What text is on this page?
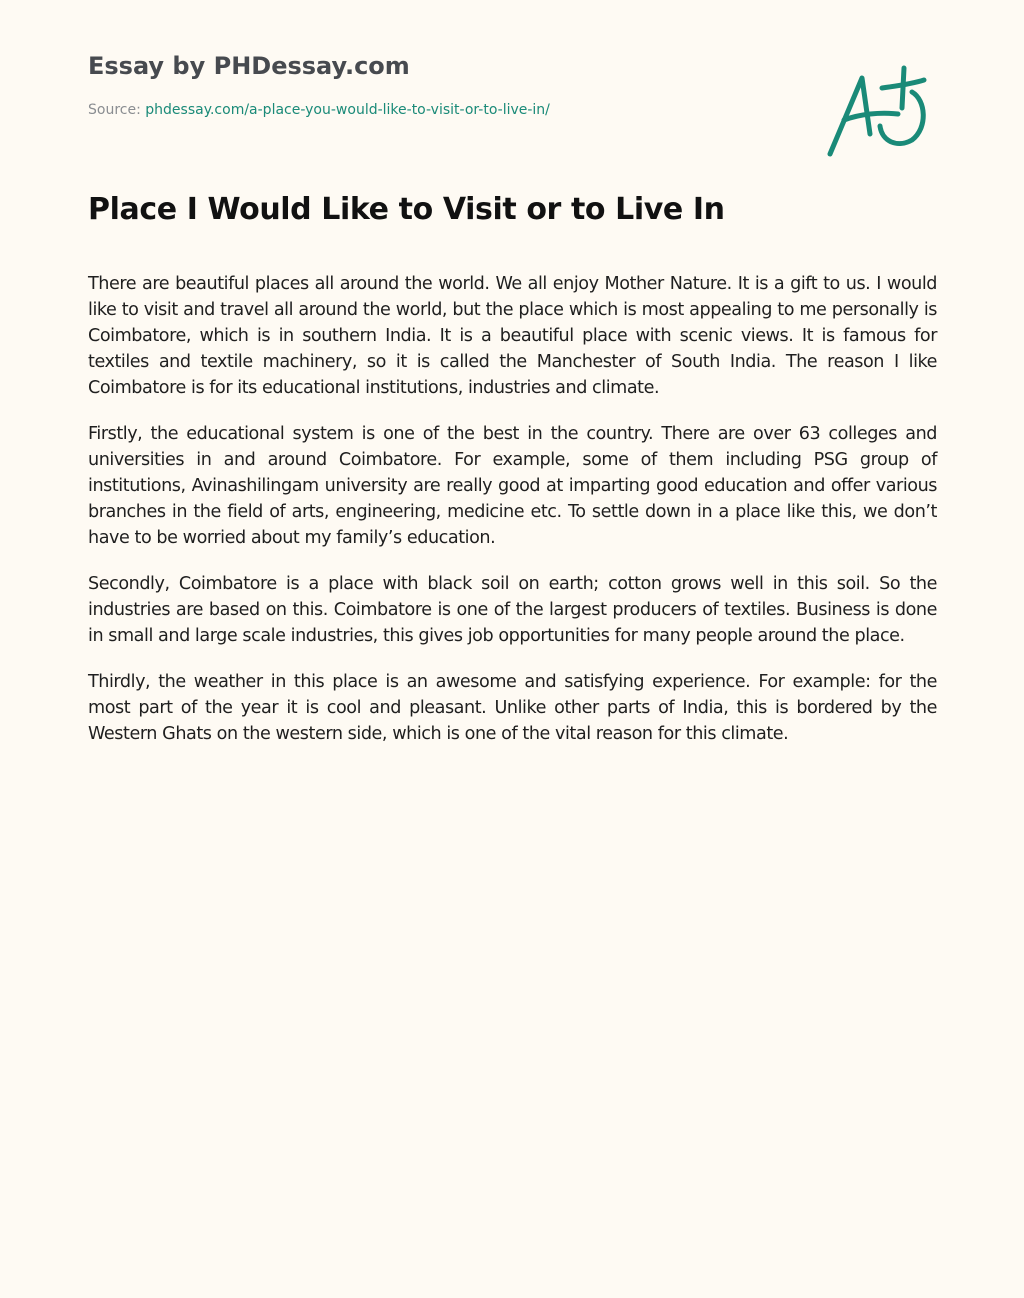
Essay by PHDessay.com
Source: phdessay.com/a-place-you-would-like-to-visit-or-to-live-in/
Place I Would Like to Visit or to Live In

There are beautiful places all around the world. We all enjoy Mother Nature. It is a gift to us. I would like to visit and travel all around the world, but the place which is most appealing to me personally is Coimbatore, which is in southern India. It is a beautiful place with scenic views. It is famous for textiles and textile machinery, so it is called the Manchester of South India. The reason I like Coimbatore is for its educational institutions, industries and climate.

Firstly, the educational system is one of the best in the country. There are over 63 colleges and universities in and around Coimbatore. For example, some of them including PSG group of institutions, Avinashilingam university are really good at imparting good education and offer various branches in the field of arts, engineering, medicine etc. To settle down in a place like this, we don’t have to be worried about my family’s education.

Secondly, Coimbatore is a place with black soil on earth; cotton grows well in this soil. So the industries are based on this. Coimbatore is one of the largest producers of textiles. Business is done in small and large scale industries, this gives job opportunities for many people around the place.

Thirdly, the weather in this place is an awesome and satisfying experience. For example: for the most part of the year it is cool and pleasant. Unlike other parts of India, this is bordered by the Western Ghats on the western side, which is one of the vital reason for this climate.
